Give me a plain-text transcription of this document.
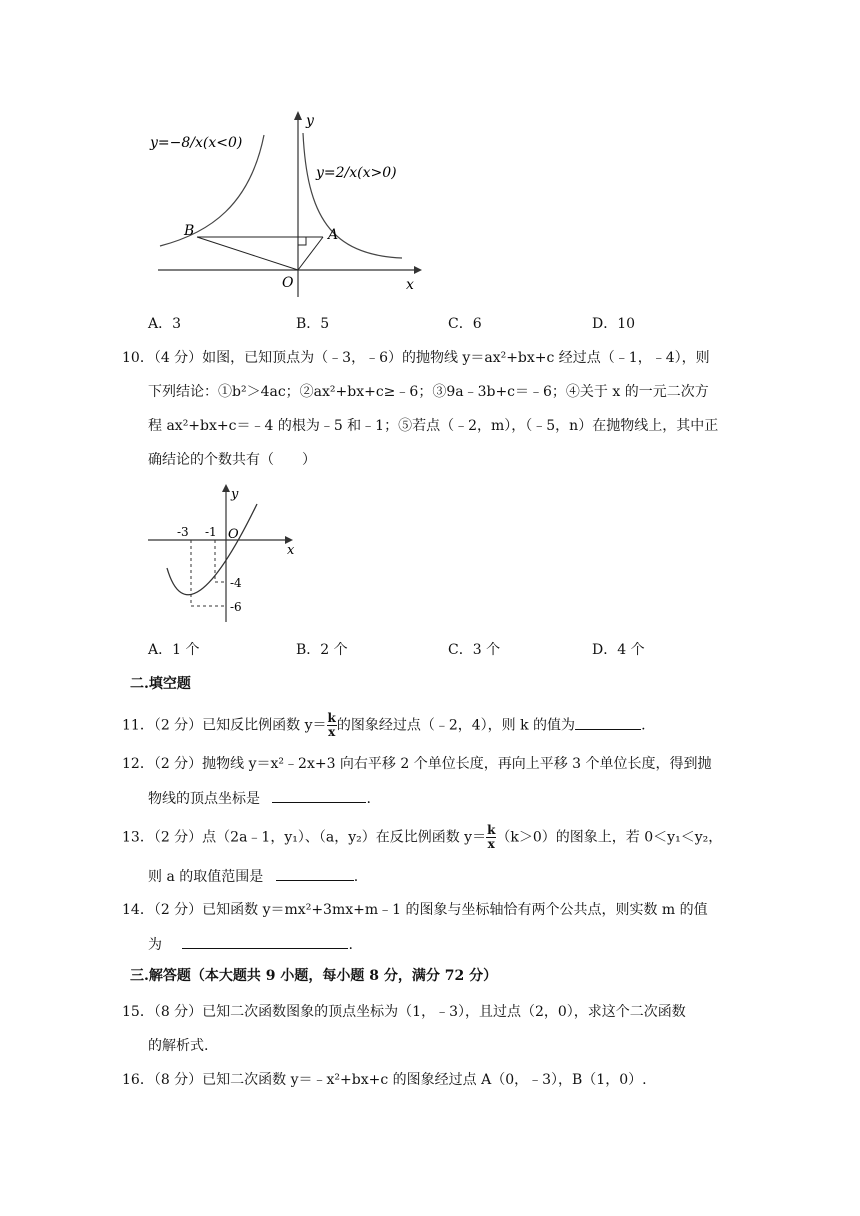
y=−8/x(x<0)
y=2/x(x>0)
B	A
O	x
y
A．3	B．5	C．6	D．10
10．（4 分）如图，已知顶点为（﹣3，﹣6）的抛物线 y＝ax²+bx+c 经过点（﹣1，﹣4），则
下列结论：①b²＞4ac；②ax²+bx+c≥﹣6；③9a﹣3b+c＝﹣6；④关于 x 的一元二次方
程 ax²+bx+c＝﹣4 的根为﹣5 和﹣1；⑤若点（﹣2，m），（﹣5，n）在抛物线上，其中正
确结论的个数共有（　　）
-3 -1 O
x
y
-4
-6
A．1 个	B．2 个	C．3 个	D．4 个
二.填空题
11．（2 分）已知反比例函数 $y= \frac{k}{x}$ 的图象经过点（﹣2，4），则 k 的值为	.
12．（2 分）抛物线 y＝x²﹣2x+3 向右平移 2 个单位长度，再向上平移 3 个单位长度，得到抛
物线的顶点坐标是	.
13．（2 分）点（2a﹣1，y₁）、（a，y₂）在反比例函数 $y= \frac{k}{x} (k>0)$的图象上，若 0＜y₁＜y₂，
则 a 的取值范围是	.
14．（2 分）已知函数 y＝mx²+3mx+m﹣1 的图象与坐标轴恰有两个公共点，则实数 m 的值
为	.
三.解答题（本大题共 9 小题，每小题 8 分，满分 72 分）
15．（8 分）已知二次函数图象的顶点坐标为（1，﹣3），且过点（2，0），求这个二次函数
的解析式.
16．（8 分）已知二次函数 y＝﹣x²+bx+c 的图象经过点 A（0，﹣3），B（1，0）.
